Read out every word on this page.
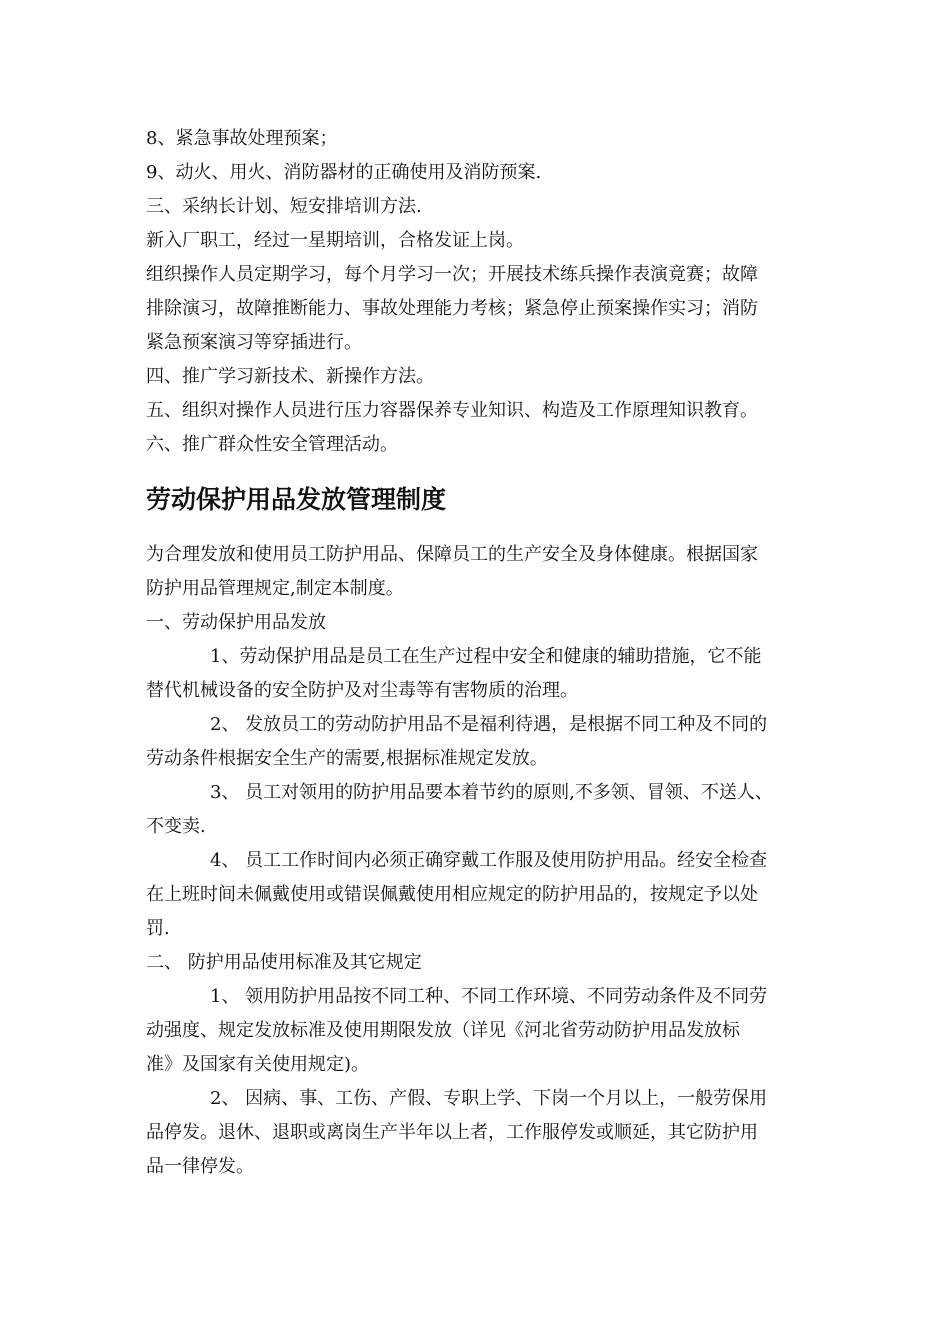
8、紧急事故处理预案；
9、动火、用火、消防器材的正确使用及消防预案.
三、采纳长计划、短安排培训方法.
新入厂职工，经过一星期培训，合格发证上岗。
组织操作人员定期学习，每个月学习一次；开展技术练兵操作表演竟赛；故障
排除演习，故障推断能力、事故处理能力考核；紧急停止预案操作实习；消防
紧急预案演习等穿插进行。
四、推广学习新技术、新操作方法。
五、组织对操作人员进行压力容器保养专业知识、构造及工作原理知识教育。
六、推广群众性安全管理活动。
劳动保护用品发放管理制度
为合理发放和使用员工防护用品、保障员工的生产安全及身体健康。根据国家
防护用品管理规定,制定本制度。
一、劳动保护用品发放
1、劳动保护用品是员工在生产过程中安全和健康的辅助措施，它不能
替代机械设备的安全防护及对尘毒等有害物质的治理。
2、 发放员工的劳动防护用品不是福利待遇，是根据不同工种及不同的
劳动条件根据安全生产的需要,根据标准规定发放。
3、 员工对领用的防护用品要本着节约的原则,不多领、冒领、不送人、
不变卖.
4、 员工工作时间内必须正确穿戴工作服及使用防护用品。经安全检查
在上班时间未佩戴使用或错误佩戴使用相应规定的防护用品的，按规定予以处
罚.
二、 防护用品使用标准及其它规定
1、 领用防护用品按不同工种、不同工作环境、不同劳动条件及不同劳
动强度、规定发放标准及使用期限发放（详见《河北省劳动防护用品发放标
准》及国家有关使用规定)。
2、 因病、事、工伤、产假、专职上学、下岗一个月以上，一般劳保用
品停发。退休、退职或离岗生产半年以上者，工作服停发或顺延，其它防护用
品一律停发。
